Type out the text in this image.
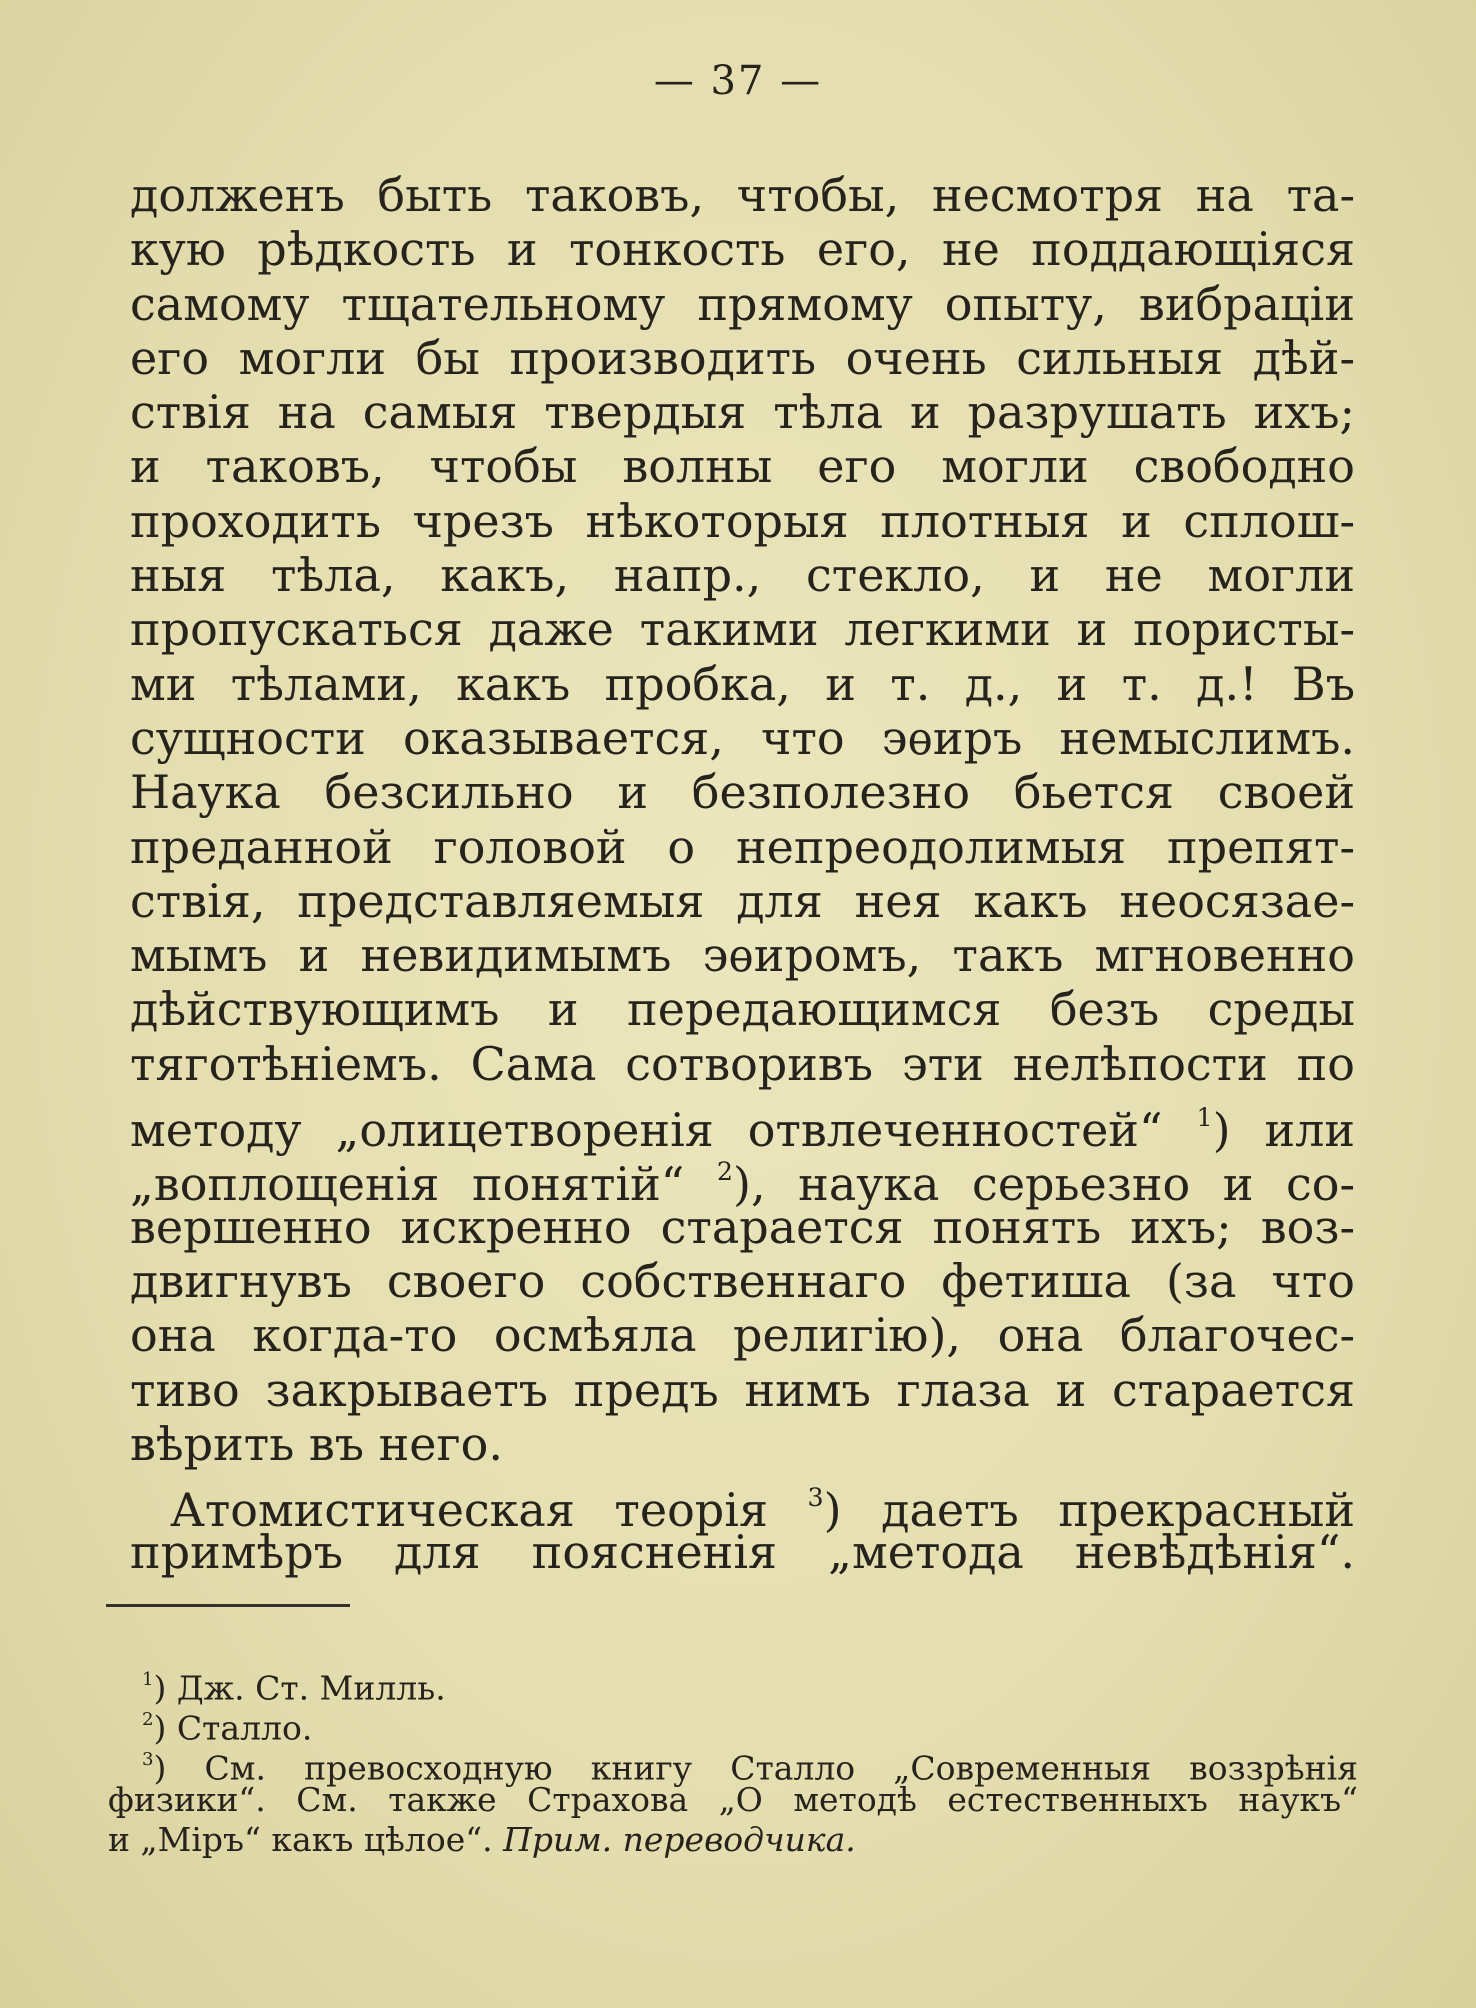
— 37 —
долженъ быть таковъ, чтобы, несмотря на та-
кую рѣдкость и тонкость его, не поддающіяся
самому тщательному прямому опыту, вибраціи
его могли бы производить очень сильныя дѣй-
ствія на самыя твердыя тѣла и разрушать ихъ;
и таковъ, чтобы волны его могли свободно
проходить чрезъ нѣкоторыя плотныя и сплош-
ныя тѣла, какъ, напр., стекло, и не могли
пропускаться даже такими легкими и пористы-
ми тѣлами, какъ пробка, и т. д., и т. д.! Въ
сущности оказывается, что эѳиръ немыслимъ.
Наука безсильно и безполезно бьется своей
преданной головой о непреодолимыя препят-
ствія, представляемыя для нея какъ неосязае-
мымъ и невидимымъ эѳиромъ, такъ мгновенно
дѣйствующимъ и передающимся безъ среды
тяготѣніемъ. Сама сотворивъ эти нелѣпости по
методу „олицетворенія отвлеченностей“ $^1$) или
„воплощенія понятій“ $^2$), наука серьезно и со-
вершенно искренно старается понять ихъ; воз-
двигнувъ своего собственнаго фетиша (за что
она когда-то осмѣяла религію), она благочес-
тиво закрываетъ предъ нимъ глаза и старается
вѣрить въ него.
Атомистическая теорія $^3$) даетъ прекрасный
примѣръ для поясненія „метода невѣдѣнія“.
$^1$) Дж. Ст. Милль.
$^2$) Сталло.
$^3$) См. превосходную книгу Сталло „Современныя воззрѣнія
физики“. См. также Страхова „О методѣ естественныхъ наукъ“
и „Міръ“ какъ цѣлое“. Прим. переводчика.
